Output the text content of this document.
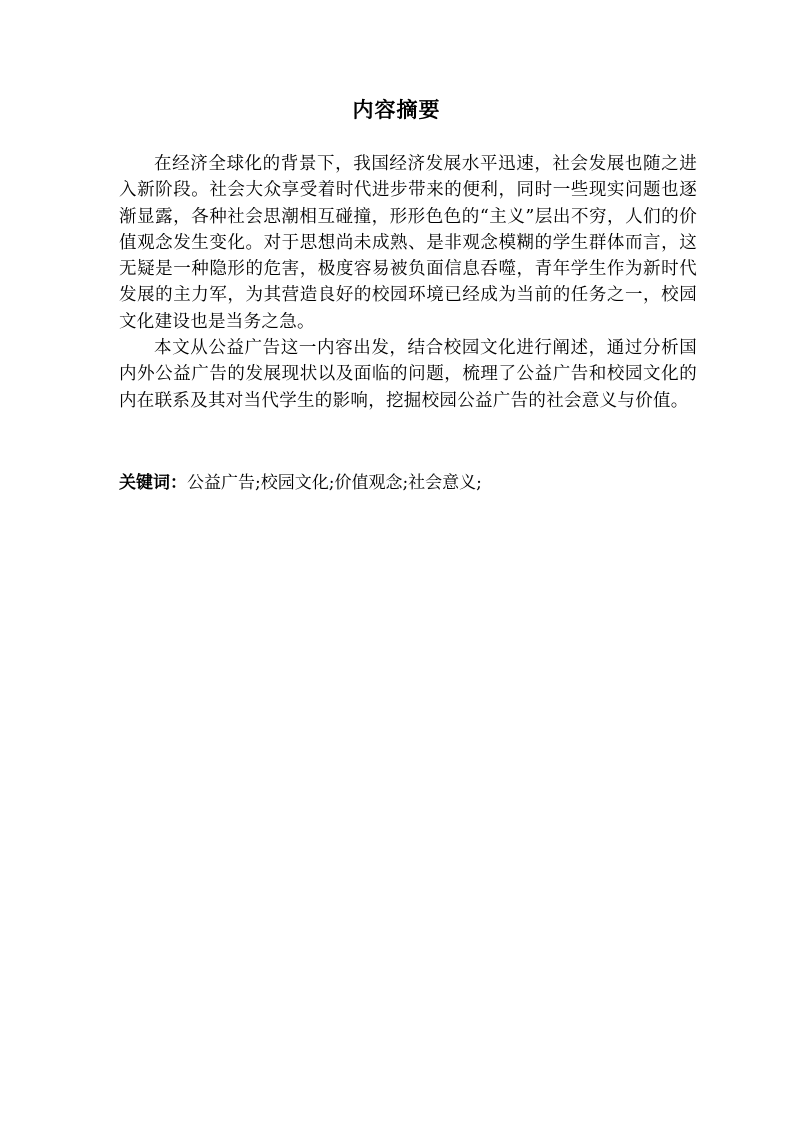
内容摘要

在经济全球化的背景下，我国经济发展水平迅速，社会发展也随之进入新阶段。社会大众享受着时代进步带来的便利，同时一些现实问题也逐渐显露，各种社会思潮相互碰撞，形形色色的“主义”层出不穷，人们的价值观念发生变化。对于思想尚未成熟、是非观念模糊的学生群体而言，这无疑是一种隐形的危害，极度容易被负面信息吞噬，青年学生作为新时代发展的主力军，为其营造良好的校园环境已经成为当前的任务之一，校园文化建设也是当务之急。

本文从公益广告这一内容出发，结合校园文化进行阐述，通过分析国内外公益广告的发展现状以及面临的问题，梳理了公益广告和校园文化的内在联系及其对当代学生的影响，挖掘校园公益广告的社会意义与价值。

关键词：公益广告;校园文化;价值观念;社会意义;
